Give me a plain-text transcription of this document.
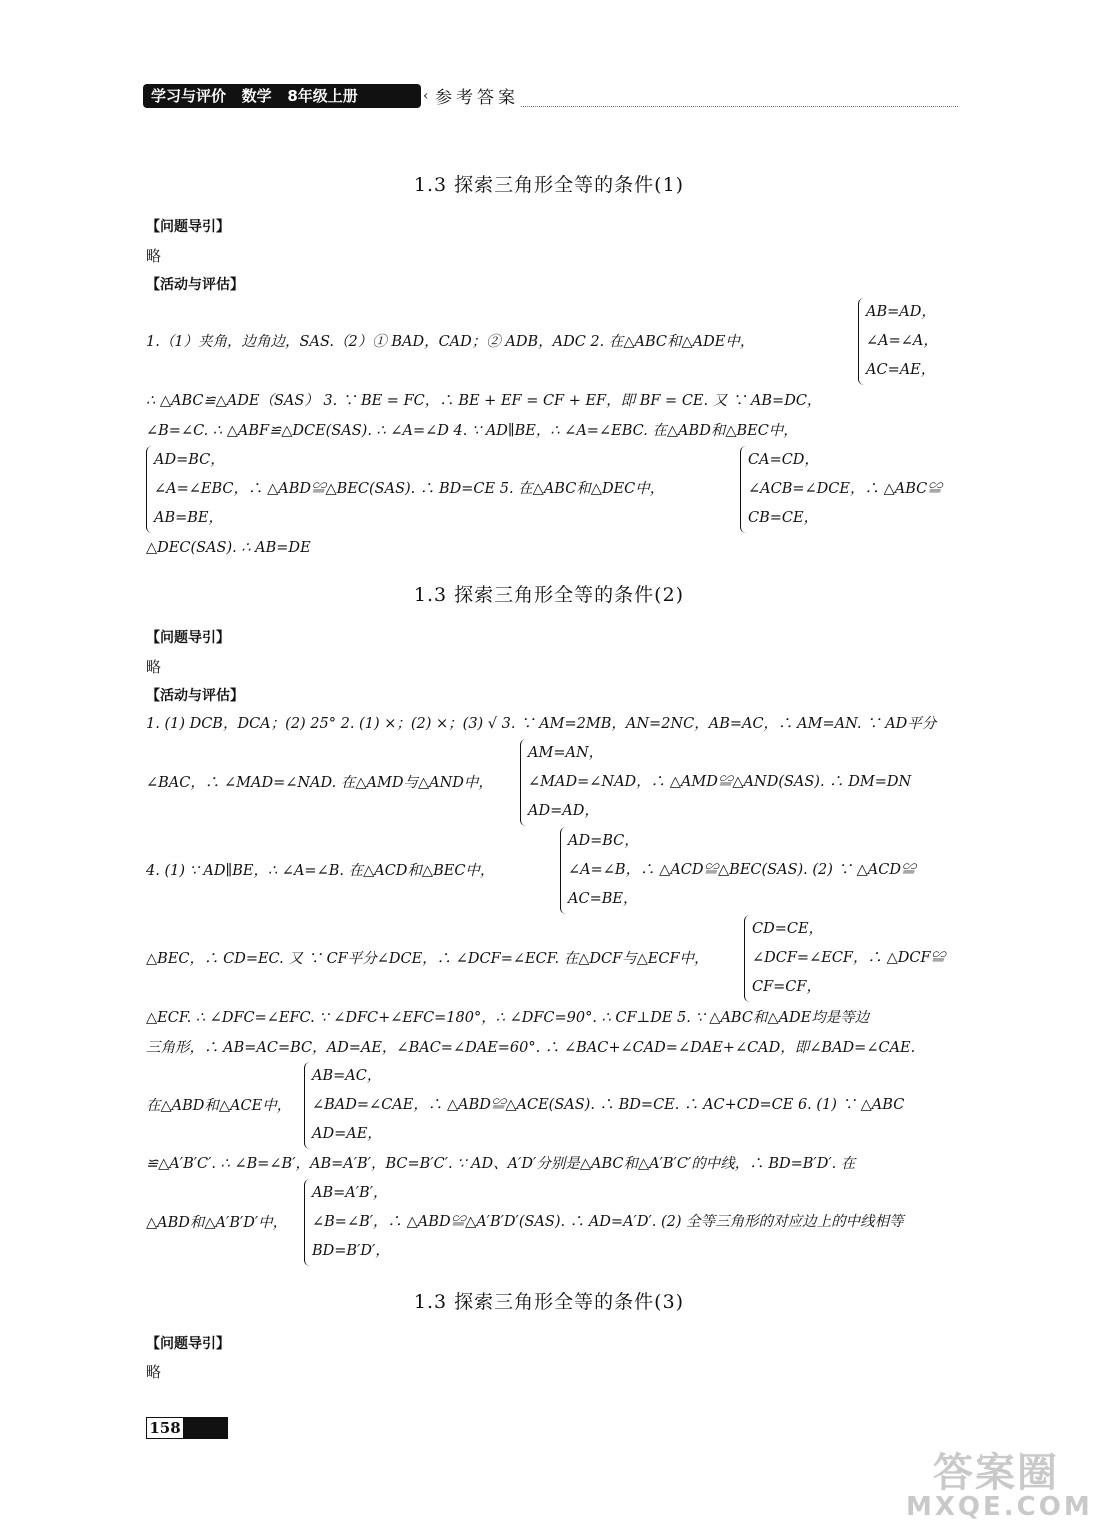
学习与评价   数学   8年级上册	‹ 参考答案
1.3 探索三角形全等的条件(1)
【问题导引】
略
【活动与评估】
1.（1）夹角，边角边，SAS.（2）① BAD，CAD；② ADB，ADC 2. 在△ABC和△ADE中，
AB=AD，
∠A=∠A，
AC=AE，
∴ △ABC≌△ADE（SAS） 3. ∵ BE = FC，∴ BE + EF = CF + EF，即 BF = CE. 又 ∵ AB=DC，
∠B=∠C. ∴ △ABF≌△DCE(SAS). ∴ ∠A=∠D 4. ∵ AD∥BE，∴ ∠A=∠EBC. 在△ABD和△BEC中，
AD=BC，
∠A=∠EBC，∴ △ABD≌△BEC(SAS). ∴ BD=CE 5. 在△ABC和△DEC中，
AB=BE，
CA=CD，
∠ACB=∠DCE，∴ △ABC≌
CB=CE，
△DEC(SAS). ∴ AB=DE
1.3 探索三角形全等的条件(2)
【问题导引】
略
【活动与评估】
1. (1) DCB，DCA；(2) 25° 2. (1) ×；(2) ×；(3) √ 3. ∵ AM=2MB，AN=2NC，AB=AC，∴ AM=AN. ∵ AD平分
∠BAC，∴ ∠MAD=∠NAD. 在△AMD与△AND中，
AM=AN，
∠MAD=∠NAD，∴ △AMD≌△AND(SAS). ∴ DM=DN
AD=AD，
4. (1) ∵ AD∥BE，∴ ∠A=∠B. 在△ACD和△BEC中，
AD=BC，
∠A=∠B，∴ △ACD≌△BEC(SAS). (2) ∵ △ACD≌
AC=BE，
△BEC，∴ CD=EC. 又 ∵ CF平分∠DCE，∴ ∠DCF=∠ECF. 在△DCF与△ECF中，
CD=CE，
∠DCF=∠ECF，∴ △DCF≌
CF=CF，
△ECF. ∴ ∠DFC=∠EFC. ∵ ∠DFC+∠EFC=180°，∴ ∠DFC=90°. ∴ CF⊥DE 5. ∵ △ABC和△ADE均是等边
三角形，∴ AB=AC=BC，AD=AE，∠BAC=∠DAE=60°. ∴ ∠BAC+∠CAD=∠DAE+∠CAD，即∠BAD=∠CAE.
在△ABD和△ACE中，
AB=AC，
∠BAD=∠CAE，∴ △ABD≌△ACE(SAS). ∴ BD=CE. ∴ AC+CD=CE 6. (1) ∵ △ABC
AD=AE，
≌△A′B′C′. ∴ ∠B=∠B′，AB=A′B′，BC=B′C′. ∵ AD、A′D′分别是△ABC和△A′B′C′的中线，∴ BD=B′D′. 在
△ABD和△A′B′D′中，
AB=A′B′，
∠B=∠B′，∴ △ABD≌△A′B′D′(SAS). ∴ AD=A′D′. (2) 全等三角形的对应边上的中线相等
BD=B′D′，
1.3 探索三角形全等的条件(3)
【问题导引】
略
158
答案圈
MXQE.COM
